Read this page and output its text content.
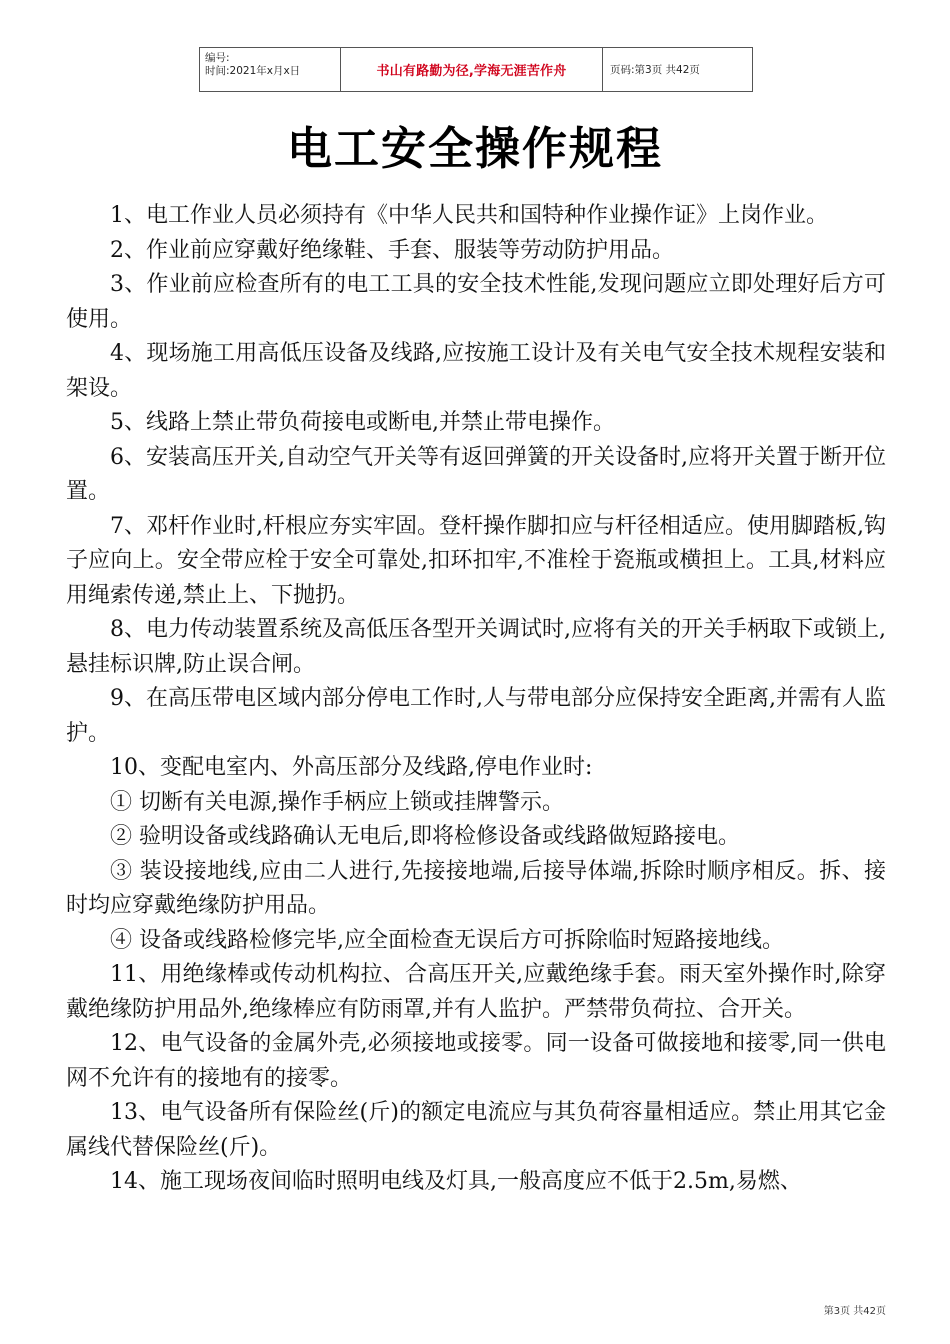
编号:
时间:2021年x月x日	书山有路勤为径,学海无涯苦作舟	页码:第3页 共42页
电工安全操作规程

1、电工作业人员必须持有《中华人民共和国特种作业操作证》上岗作业。

2、作业前应穿戴好绝缘鞋、手套、服装等劳动防护用品。

3、作业前应检查所有的电工工具的安全技术性能,发现问题应立即处理好后方可使用。

4、现场施工用高低压设备及线路,应按施工设计及有关电气安全技术规程安装和架设。

5、线路上禁止带负荷接电或断电,并禁止带电操作。

6、安装高压开关,自动空气开关等有返回弹簧的开关设备时,应将开关置于断开位置。

7、邓杆作业时,杆根应夯实牢固。登杆操作脚扣应与杆径相适应。使用脚踏板,钩子应向上。安全带应栓于安全可靠处,扣环扣牢,不准栓于瓷瓶或横担上。工具,材料应用绳索传递,禁止上、下抛扔。

8、电力传动装置系统及高低压各型开关调试时,应将有关的开关手柄取下或锁上,悬挂标识牌,防止误合闸。

9、在高压带电区域内部分停电工作时,人与带电部分应保持安全距离,并需有人监护。

10、变配电室内、外高压部分及线路,停电作业时:

① 切断有关电源,操作手柄应上锁或挂牌警示。

② 验明设备或线路确认无电后,即将检修设备或线路做短路接电。

③ 装设接地线,应由二人进行,先接接地端,后接导体端,拆除时顺序相反。拆、接时均应穿戴绝缘防护用品。

④ 设备或线路检修完毕,应全面检查无误后方可拆除临时短路接地线。

11、用绝缘棒或传动机构拉、合高压开关,应戴绝缘手套。雨天室外操作时,除穿戴绝缘防护用品外,绝缘棒应有防雨罩,并有人监护。严禁带负荷拉、合开关。

12、电气设备的金属外壳,必须接地或接零。同一设备可做接地和接零,同一供电网不允许有的接地有的接零。

13、电气设备所有保险丝(斤)的额定电流应与其负荷容量相适应。禁止用其它金属线代替保险丝(斤)。

14、施工现场夜间临时照明电线及灯具,一般高度应不低于2.5m,易燃、

第3页 共42页
